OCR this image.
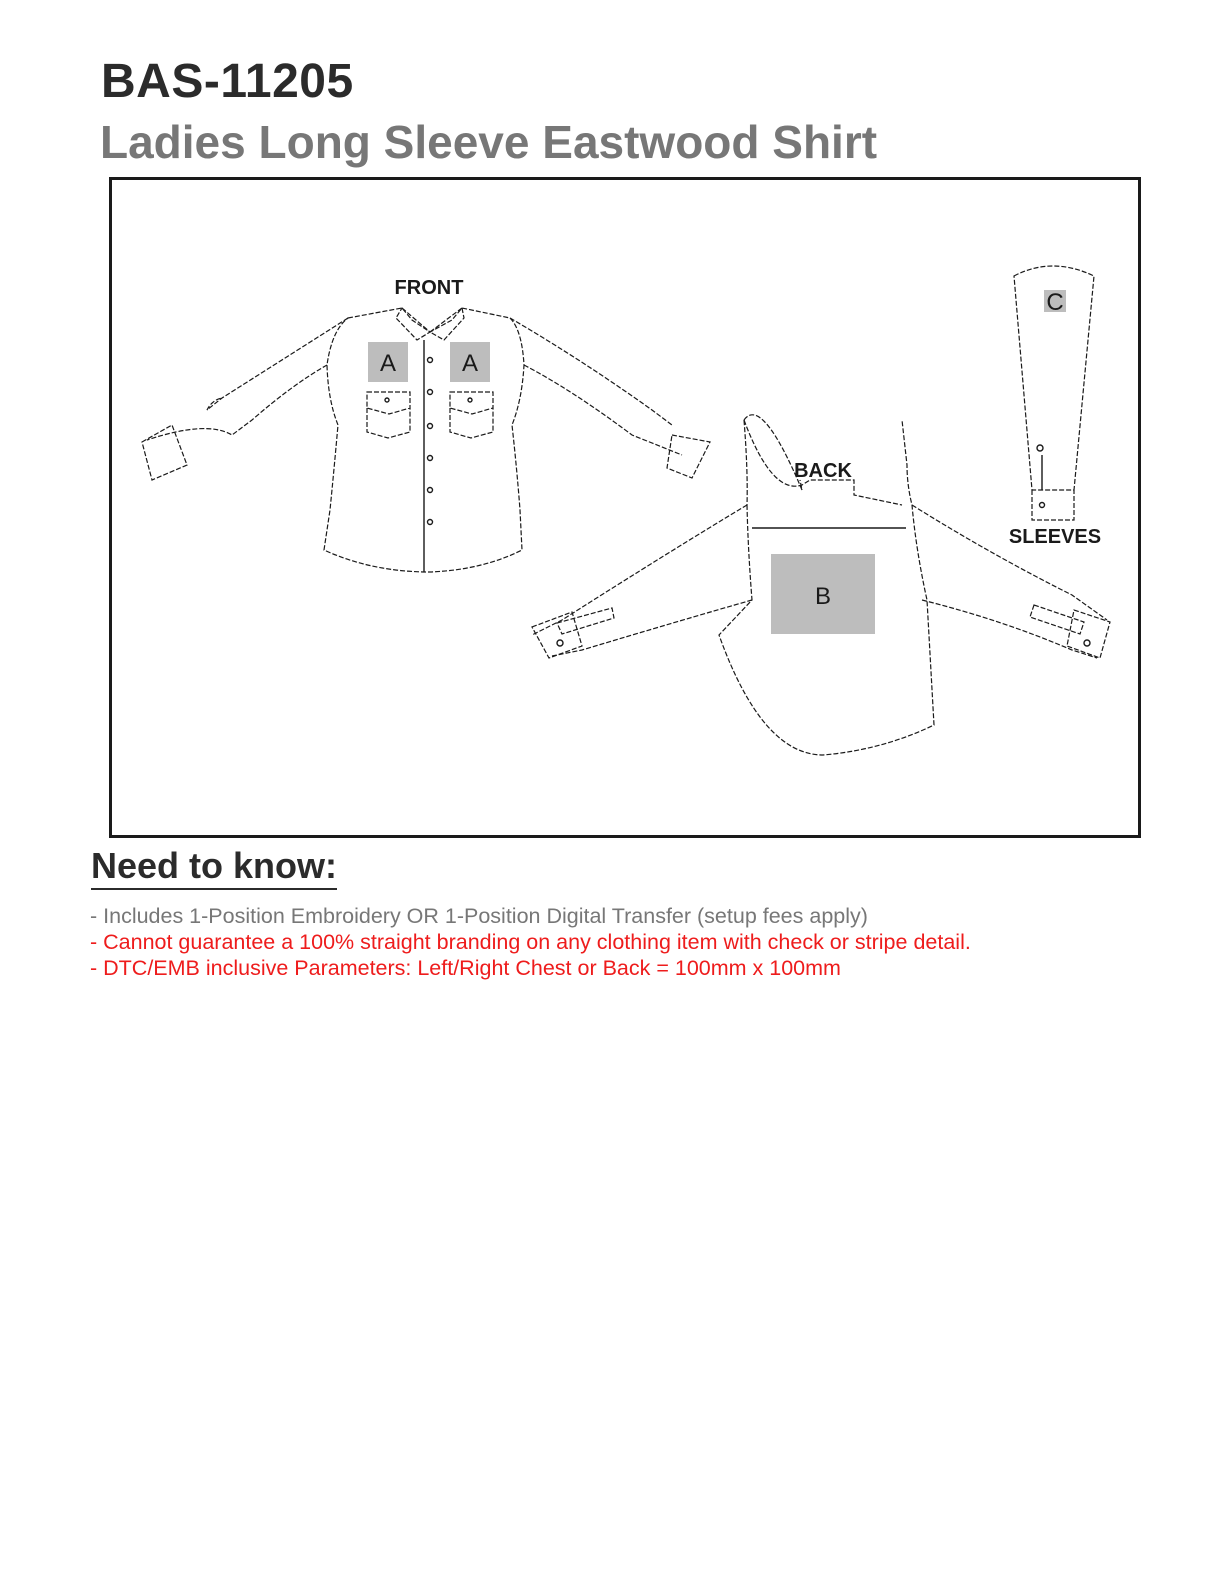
BAS-11205
Ladies Long Sleeve Eastwood Shirt
A	A
FRONT
B
BACK
C
SLEEVES
Need to know:
- Includes 1-Position Embroidery OR 1-Position Digital Transfer (setup fees apply)
- Cannot guarantee a 100% straight branding on any clothing item with check or stripe detail.
- DTC/EMB inclusive Parameters: Left/Right Chest or Back = 100mm x 100mm
